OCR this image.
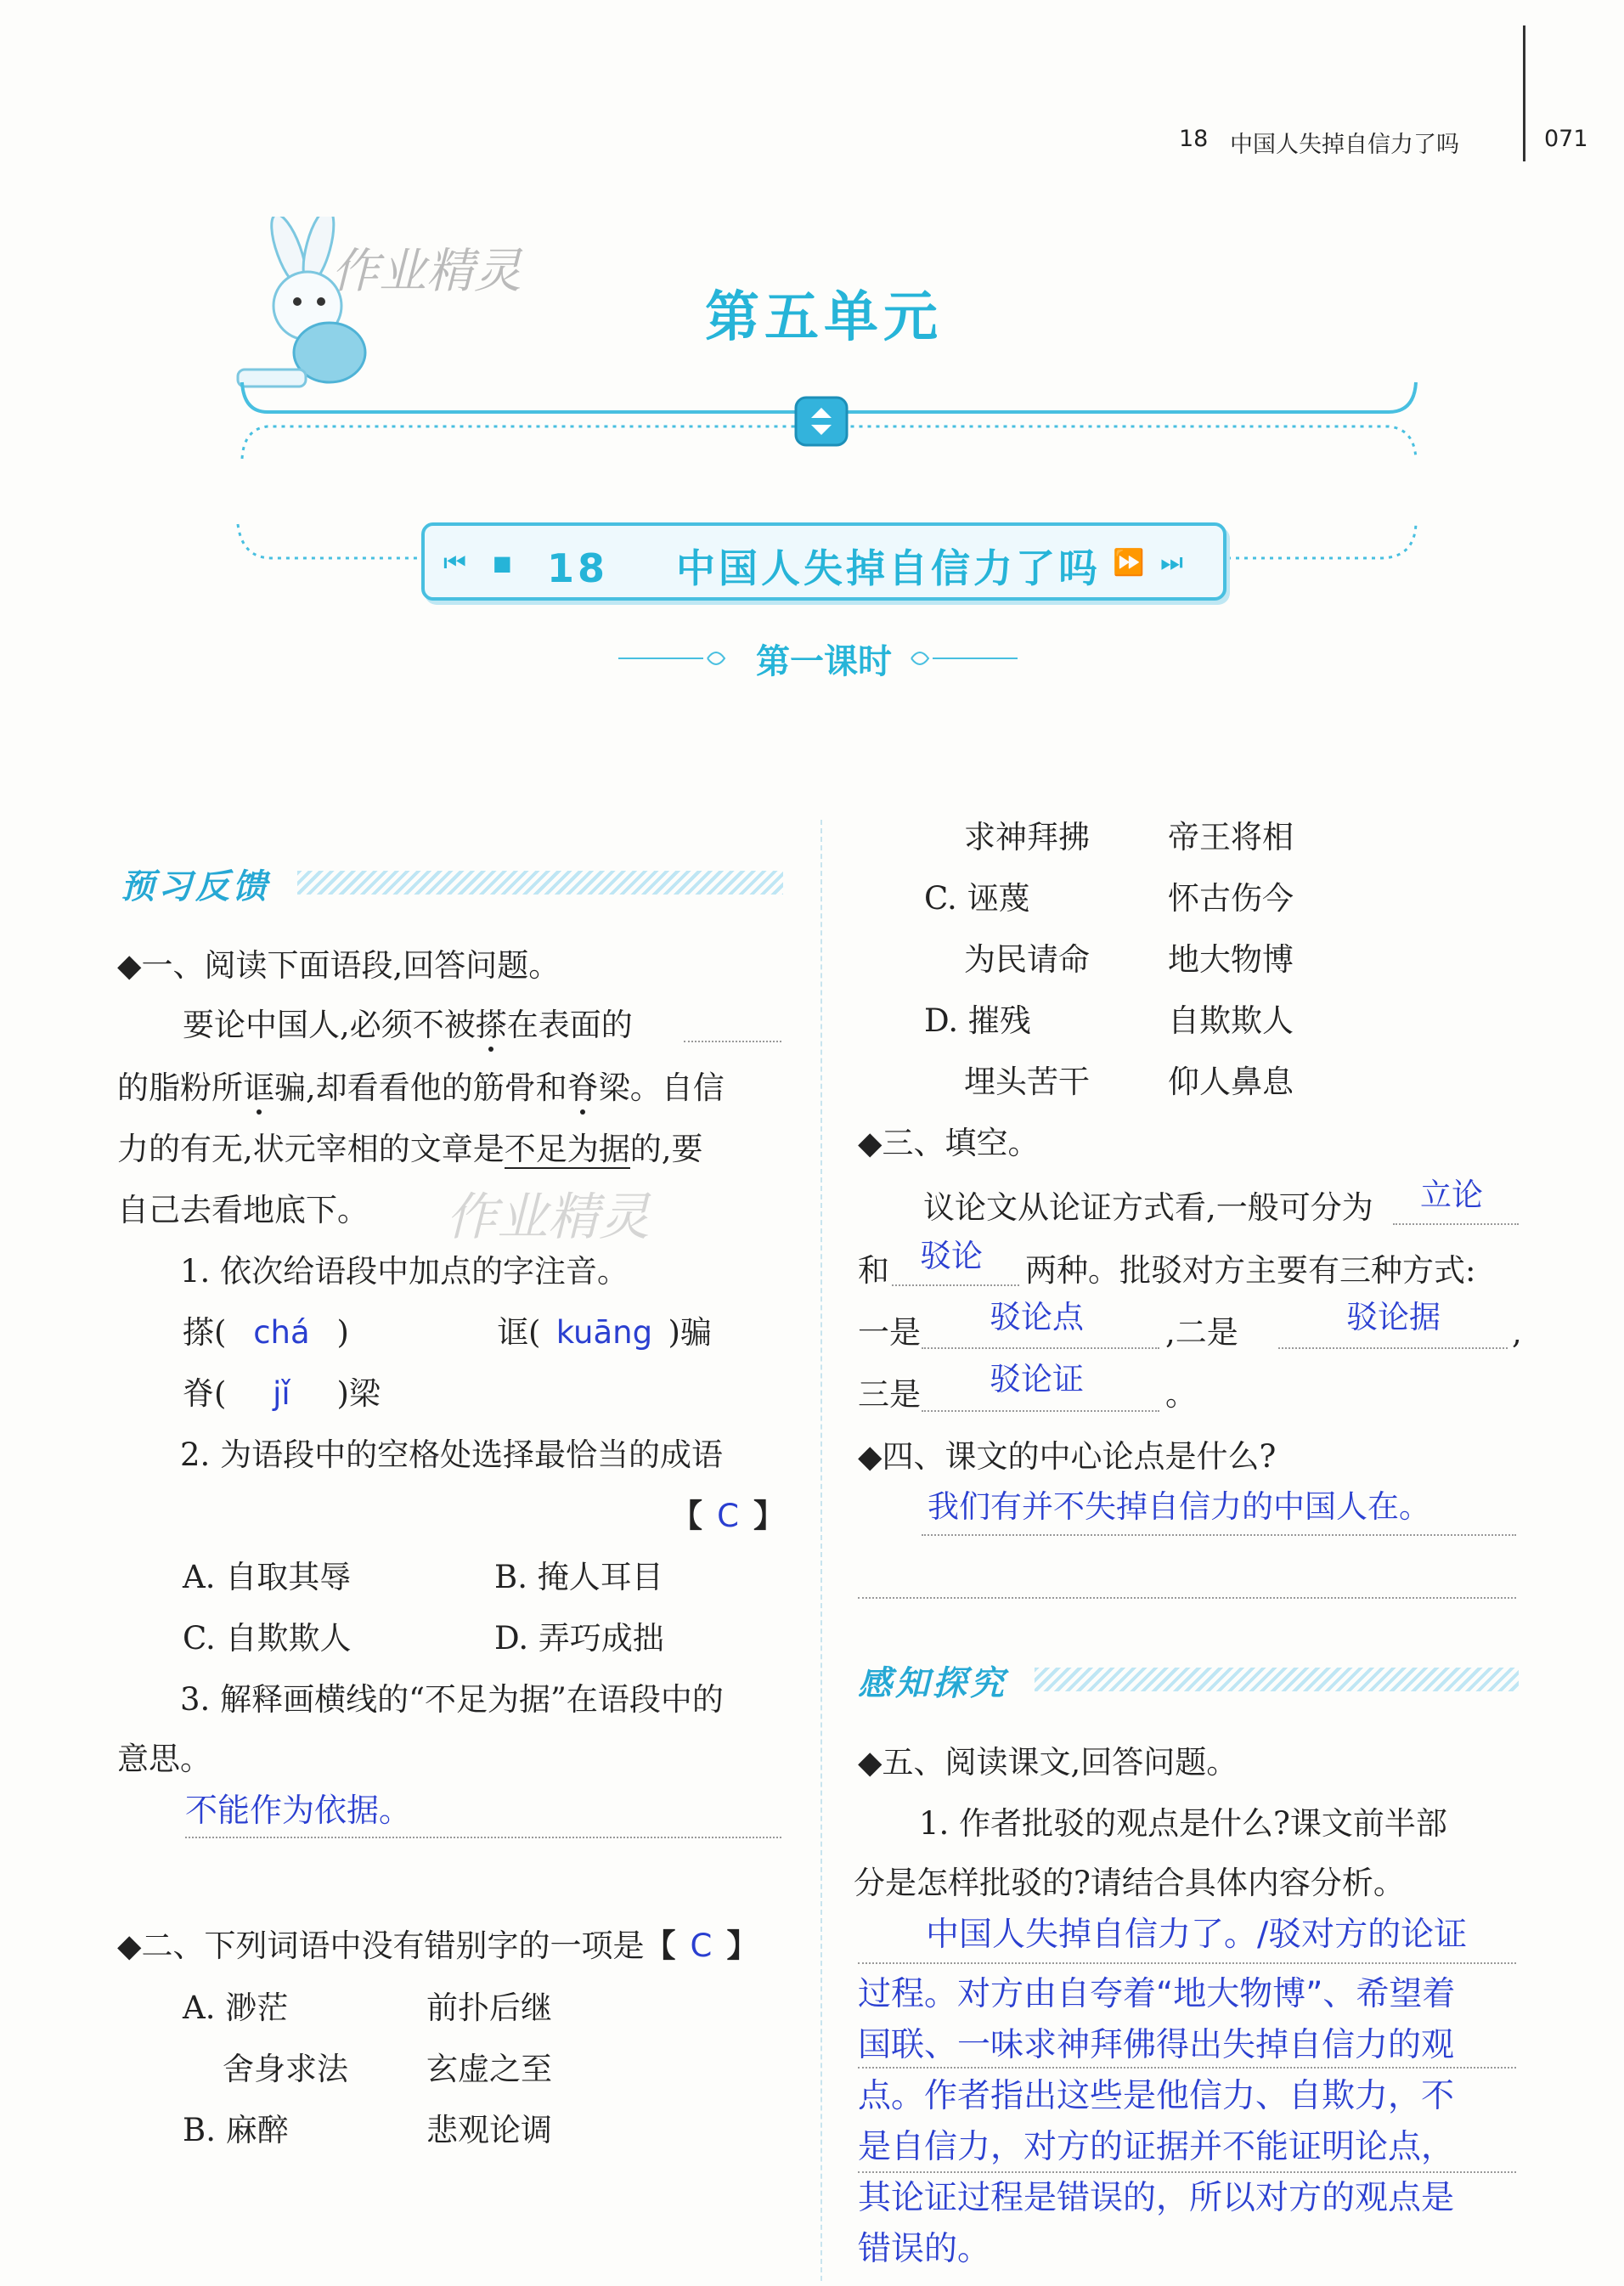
18 中国人失掉自信力了吗	071
作业精灵
作业精灵
第五单元
⏮ ■ 18 中国人失掉自信力了吗 ⏩ ⏭
第一课时
预习反馈
◆一、阅读下面语段,回答问题。
要论中国人,必须不被搽在表面的
的脂粉所诓骗,却看看他的筋骨和脊梁。自信
力的有无,状元宰相的文章是不足为据的,要
自己去看地底下。
1. 依次给语段中加点的字注音。
搽( chá )	诓( kuāng )骗
脊( jǐ )梁
2. 为语段中的空格处选择最恰当的成语
【 C 】
A. 自取其辱	B. 掩人耳目
C. 自欺欺人	D. 弄巧成拙
3. 解释画横线的“不足为据”在语段中的
意思。
不能作为依据。
◆二、下列词语中没有错别字的一项是【 C 】
A. 渺茫	前扑后继
舍身求法 玄虚之至
B. 麻醉	悲观论调
求神拜拂 帝王将相
C. 诬蔑	怀古伤今
为民请命 地大物博
D. 摧残	自欺欺人
埋头苦干 仰人鼻息
◆三、填空。
议论文从论证方式看,一般可分为 立论
和 驳论 两种。批驳对方主要有三种方式:
一是 驳论点	,二是	驳论据 ,
三是 驳论证	。
◆四、课文的中心论点是什么?
我们有并不失掉自信力的中国人在。
感知探究
◆五、阅读课文,回答问题。
1. 作者批驳的观点是什么?课文前半部
分是怎样批驳的?请结合具体内容分析。
中国人失掉自信力了。/驳对方的论证
过程。对方由自夸着“地大物博”、希望着
国联、一味求神拜佛得出失掉自信力的观
点。作者指出这些是他信力、自欺力，不
是自信力，对方的证据并不能证明论点，
其论证过程是错误的，所以对方的观点是
错误的。
